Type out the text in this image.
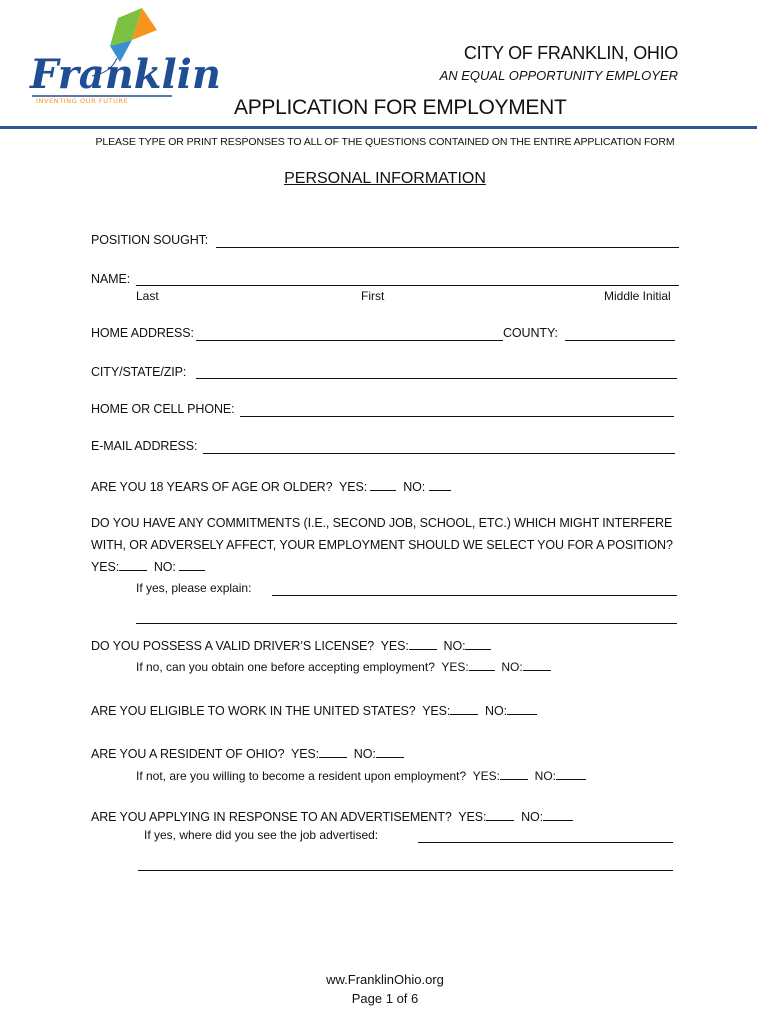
Franklin
INVENTING OUR FUTURE
CITY OF FRANKLIN, OHIO
AN EQUAL OPPORTUNITY EMPLOYER
APPLICATION FOR EMPLOYMENT
PLEASE TYPE OR PRINT RESPONSES TO ALL OF THE QUESTIONS CONTAINED ON THE ENTIRE APPLICATION FORM
PERSONAL INFORMATION
POSITION SOUGHT:
NAME:
Last	First	Middle Initial
HOME ADDRESS:	COUNTY:
CITY/STATE/ZIP:
HOME OR CELL PHONE:
E-MAIL ADDRESS:
ARE YOU 18 YEARS OF AGE OR OLDER? YES:	NO:
DO YOU HAVE ANY COMMITMENTS (I.E., SECOND JOB, SCHOOL, ETC.) WHICH MIGHT INTERFERE
WITH, OR ADVERSELY AFFECT, YOUR EMPLOYMENT SHOULD WE SELECT YOU FOR A POSITION?
YES:	NO:
If yes, please explain:
DO YOU POSSESS A VALID DRIVER’S LICENSE? YES:	NO:
If no, can you obtain one before accepting employment? YES:	NO:
ARE YOU ELIGIBLE TO WORK IN THE UNITED STATES? YES:	NO:
ARE YOU A RESIDENT OF OHIO? YES:	NO:
If not, are you willing to become a resident upon employment? YES:	NO:
ARE YOU APPLYING IN RESPONSE TO AN ADVERTISEMENT? YES:	NO:
If yes, where did you see the job advertised:
ww.FranklinOhio.org
Page 1 of 6
